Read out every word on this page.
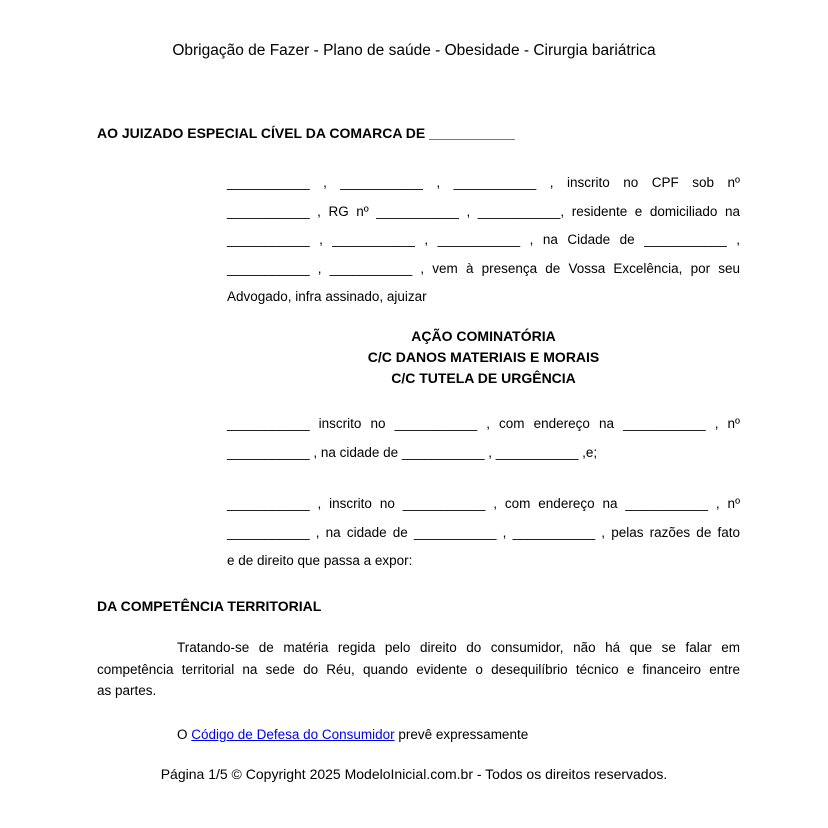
Obrigação de Fazer - Plano de saúde - Obesidade - Cirurgia bariátrica
AO JUIZADO ESPECIAL CÍVEL DA COMARCA DE ___________
___________ , ___________ , ___________ , inscrito no CPF sob nº
___________ , RG nº ___________ , ___________, residente e domiciliado na
___________ , ___________ , ___________ , na Cidade de ___________ ,
___________ , ___________ , vem à presença de Vossa Excelência, por seu
Advogado, infra assinado, ajuizar
AÇÃO COMINATÓRIA
C/C DANOS MATERIAIS E MORAIS
C/C TUTELA DE URGÊNCIA
___________ inscrito no ___________ , com endereço na ___________ , nº
___________ , na cidade de ___________ , ___________ ,e;
___________ , inscrito no ___________ , com endereço na ___________ , nº
___________ , na cidade de ___________ , ___________ , pelas razões de fato
e de direito que passa a expor:
DA COMPETÊNCIA TERRITORIAL
Tratando-se de matéria regida pelo direito do consumidor, não há que se falar em
competência territorial na sede do Réu, quando evidente o desequilíbrio técnico e financeiro entre
as partes.
O Código de Defesa do Consumidor prevê expressamente
Página 1/5 © Copyright 2025 ModeloInicial.com.br - Todos os direitos reservados.
